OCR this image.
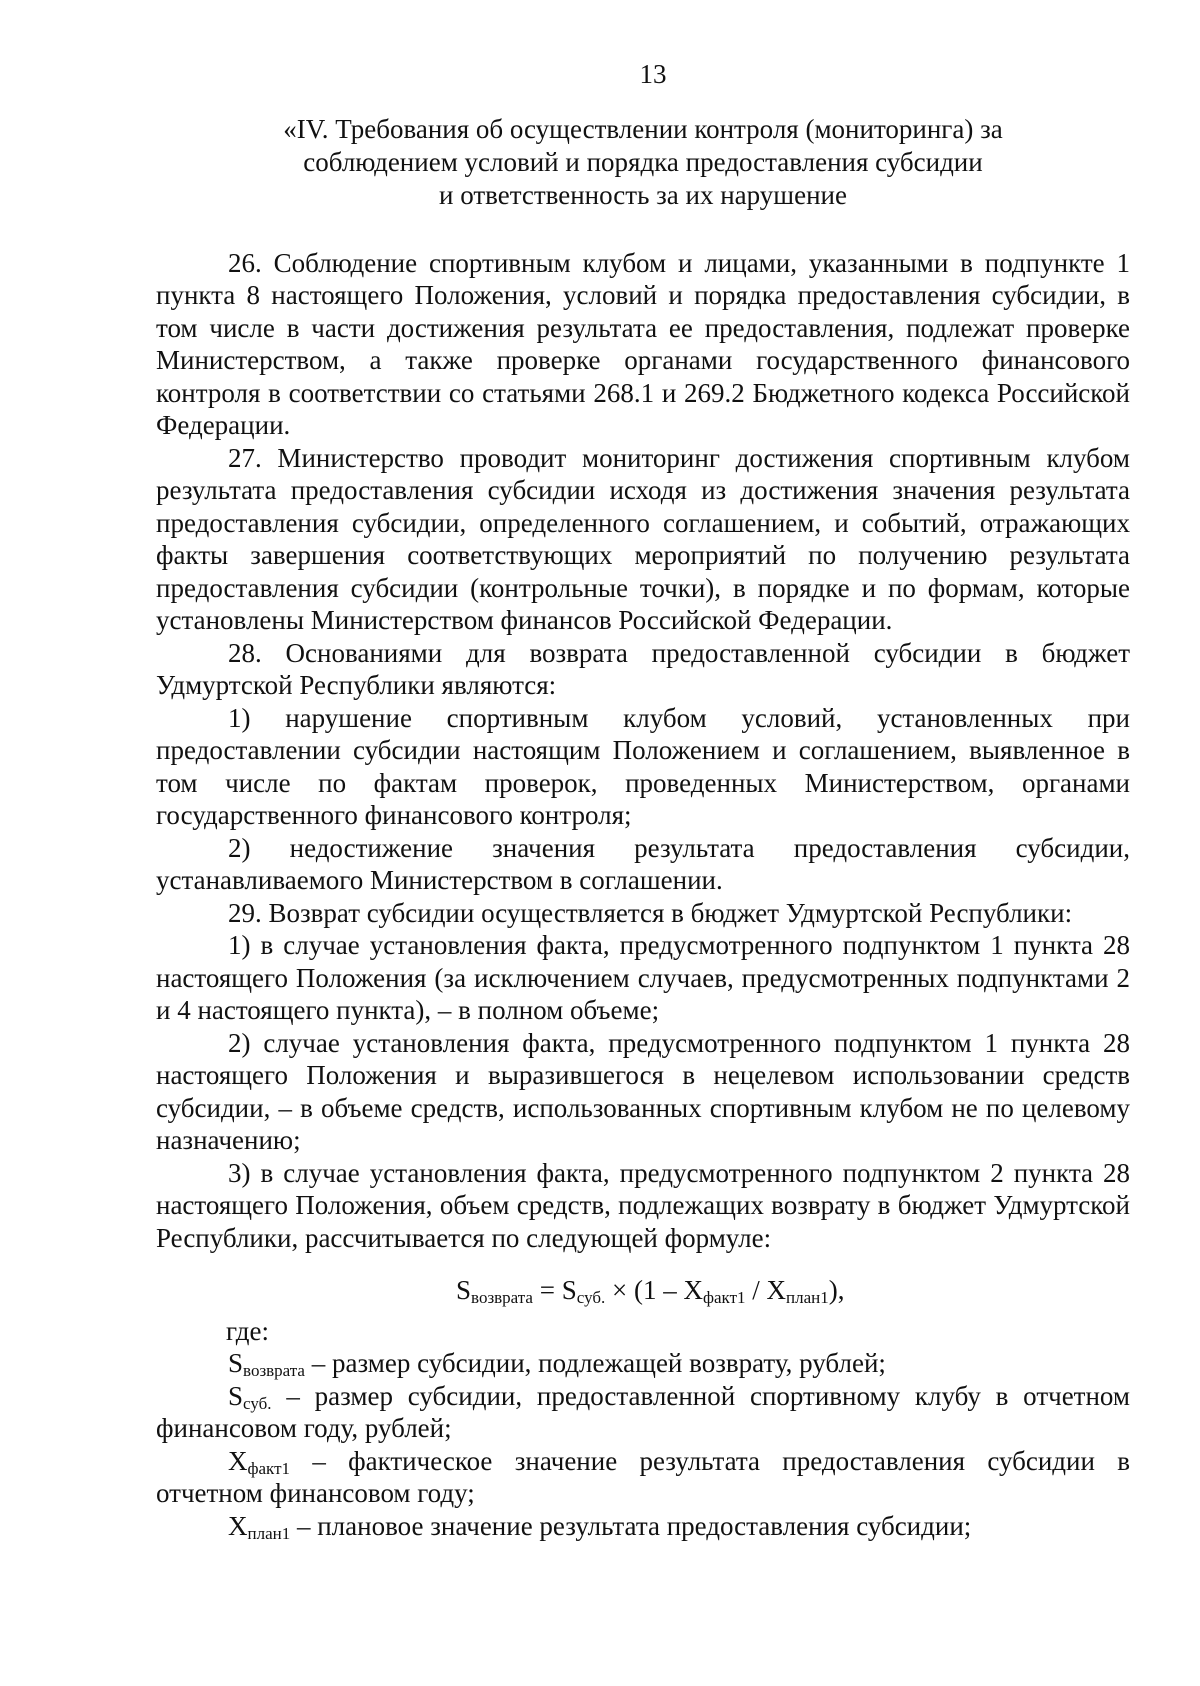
13
«IV. Требования об осуществлении контроля (мониторинга) за
соблюдением условий и порядка предоставления субсидии
и ответственность за их нарушение

26. Соблюдение спортивным клубом и лицами, указанными в подпункте 1 пункта 8 настоящего Положения, условий и порядка предоставления субсидии, в том числе в части достижения результата ее предоставления, подлежат проверке Министерством, а также проверке органами государственного финансового контроля в соответствии со статьями 268.1 и 269.2 Бюджетного кодекса Российской Федерации.

27. Министерство проводит мониторинг достижения спортивным клубом результата предоставления субсидии исходя из достижения значения результата предоставления субсидии, определенного соглашением, и событий, отражающих факты завершения соответствующих мероприятий по получению результата предоставления субсидии (контрольные точки), в порядке и по формам, которые установлены Министерством финансов Российской Федерации.

28. Основаниями для возврата предоставленной субсидии в бюджет Удмуртской Республики являются:

1) нарушение спортивным клубом условий, установленных при предоставлении субсидии настоящим Положением и соглашением, выявленное в том числе по фактам проверок, проведенных Министерством, органами государственного финансового контроля;

2) недостижение значения результата предоставления субсидии, устанавливаемого Министерством в соглашении.

29. Возврат субсидии осуществляется в бюджет Удмуртской Республики:

1) в случае установления факта, предусмотренного подпунктом 1 пункта 28 настоящего Положения (за исключением случаев, предусмотренных подпунктами 2 и 4 настоящего пункта), – в полном объеме;

2) случае установления факта, предусмотренного подпунктом 1 пункта 28 настоящего Положения и выразившегося в нецелевом использовании средств субсидии, – в объеме средств, использованных спортивным клубом не по целевому назначению;

3) в случае установления факта, предусмотренного подпунктом 2 пункта 28 настоящего Положения, объем средств, подлежащих возврату в бюджет Удмуртской Республики, рассчитывается по следующей формуле:

$S_{возврата} = S_{суб.} \times (1 - X_{факт1} / X_{план1})$,

где:

$S_{возврата}$ – размер субсидии, подлежащей возврату, рублей;

$S_{суб.}$ – размер субсидии, предоставленной спортивному клубу в отчетном финансовом году, рублей;

$X_{факт1}$ – фактическое значение результата предоставления субсидии в отчетном финансовом году;

$X_{план1}$ – плановое значение результата предоставления субсидии;
